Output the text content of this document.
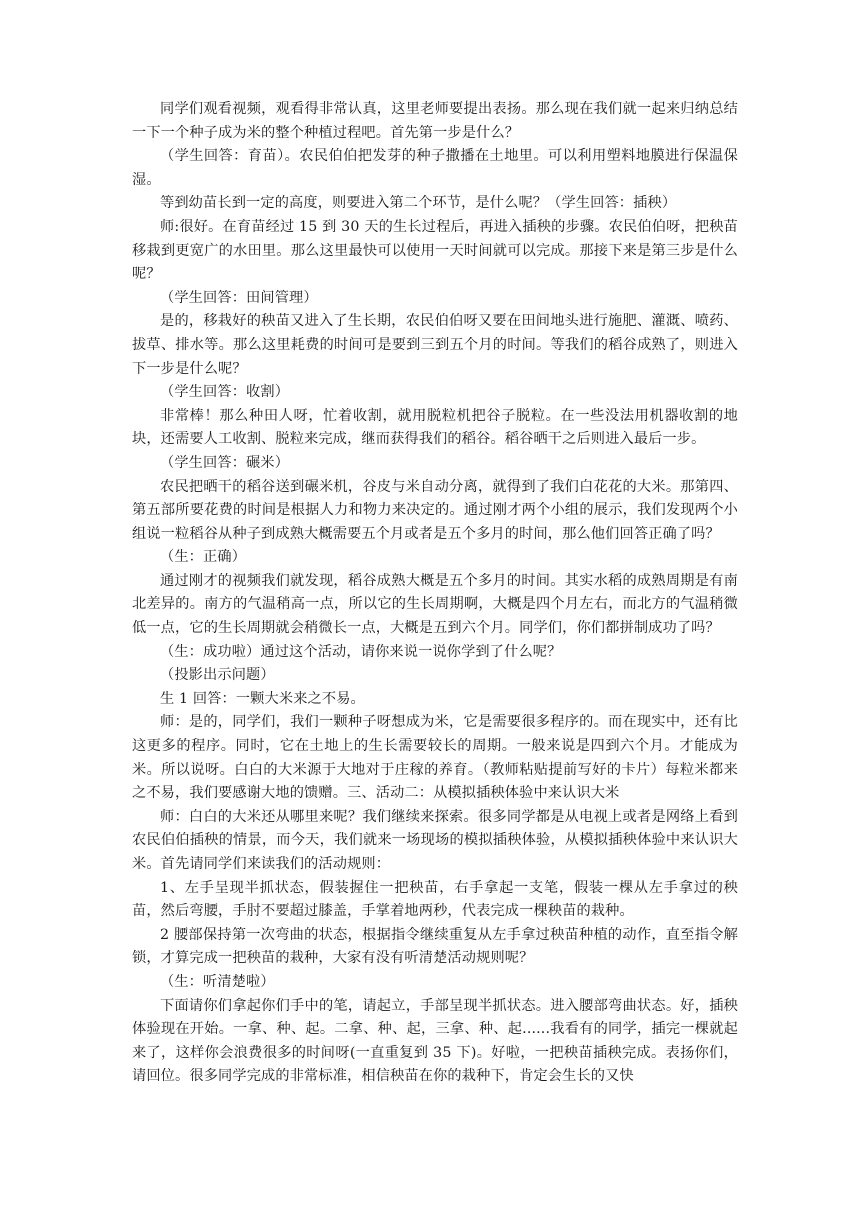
同学们观看视频，观看得非常认真，这里老师要提出表扬。那么现在我们就一起来归纳总结一下一个种子成为米的整个种植过程吧。首先第一步是什么？

（学生回答：育苗）。农民伯伯把发芽的种子撒播在土地里。可以利用塑料地膜进行保温保湿。

等到幼苗长到一定的高度，则要进入第二个环节，是什么呢？（学生回答：插秧）

师:很好。在育苗经过 15 到 30 天的生长过程后，再进入插秧的步骤。农民伯伯呀，把秧苗移栽到更宽广的水田里。那么这里最快可以使用一天时间就可以完成。那接下来是第三步是什么呢？

（学生回答：田间管理）

是的，移栽好的秧苗又进入了生长期，农民伯伯呀又要在田间地头进行施肥、灌溉、喷药、拔草、排水等。那么这里耗费的时间可是要到三到五个月的时间。等我们的稻谷成熟了，则进入下一步是什么呢？

（学生回答：收割）

非常棒！那么种田人呀，忙着收割，就用脱粒机把谷子脱粒。在一些没法用机器收割的地块，还需要人工收割、脱粒来完成，继而获得我们的稻谷。稻谷晒干之后则进入最后一步。

（学生回答：碾米）

农民把晒干的稻谷送到碾米机，谷皮与米自动分离，就得到了我们白花花的大米。那第四、第五部所要花费的时间是根据人力和物力来决定的。通过刚才两个小组的展示，我们发现两个小组说一粒稻谷从种子到成熟大概需要五个月或者是五个多月的时间，那么他们回答正确了吗？

（生：正确）

通过刚才的视频我们就发现，稻谷成熟大概是五个多月的时间。其实水稻的成熟周期是有南北差异的。南方的气温稍高一点，所以它的生长周期啊，大概是四个月左右，而北方的气温稍微低一点，它的生长周期就会稍微长一点，大概是五到六个月。同学们，你们都拼制成功了吗？

（生：成功啦）通过这个活动，请你来说一说你学到了什么呢？

（投影出示问题）

生 1 回答：一颗大米来之不易。

师：是的，同学们，我们一颗种子呀想成为米，它是需要很多程序的。而在现实中，还有比这更多的程序。同时，它在土地上的生长需要较长的周期。一般来说是四到六个月。才能成为米。所以说呀。白白的大米源于大地对于庄稼的养育。（教师粘贴提前写好的卡片）每粒米都来之不易，我们要感谢大地的馈赠。三、活动二：从模拟插秧体验中来认识大米

师：白白的大米还从哪里来呢？我们继续来探索。很多同学都是从电视上或者是网络上看到农民伯伯插秧的情景，而今天，我们就来一场现场的模拟插秧体验，从模拟插秧体验中来认识大米。首先请同学们来读我们的活动规则：

1、左手呈现半抓状态，假装握住一把秧苗，右手拿起一支笔，假装一棵从左手拿过的秧苗，然后弯腰，手肘不要超过膝盖，手掌着地两秒，代表完成一棵秧苗的栽种。

2 腰部保持第一次弯曲的状态，根据指令继续重复从左手拿过秧苗种植的动作，直至指令解锁，才算完成一把秧苗的栽种，大家有没有听清楚活动规则呢？

（生：听清楚啦）

下面请你们拿起你们手中的笔，请起立，手部呈现半抓状态。进入腰部弯曲状态。好，插秧体验现在开始。一拿、种、起。二拿、种、起，三拿、种、起......我看有的同学，插完一棵就起来了，这样你会浪费很多的时间呀(一直重复到 35 下)。好啦，一把秧苗插秧完成。表扬你们，请回位。很多同学完成的非常标准，相信秧苗在你的栽种下，肯定会生长的又快
